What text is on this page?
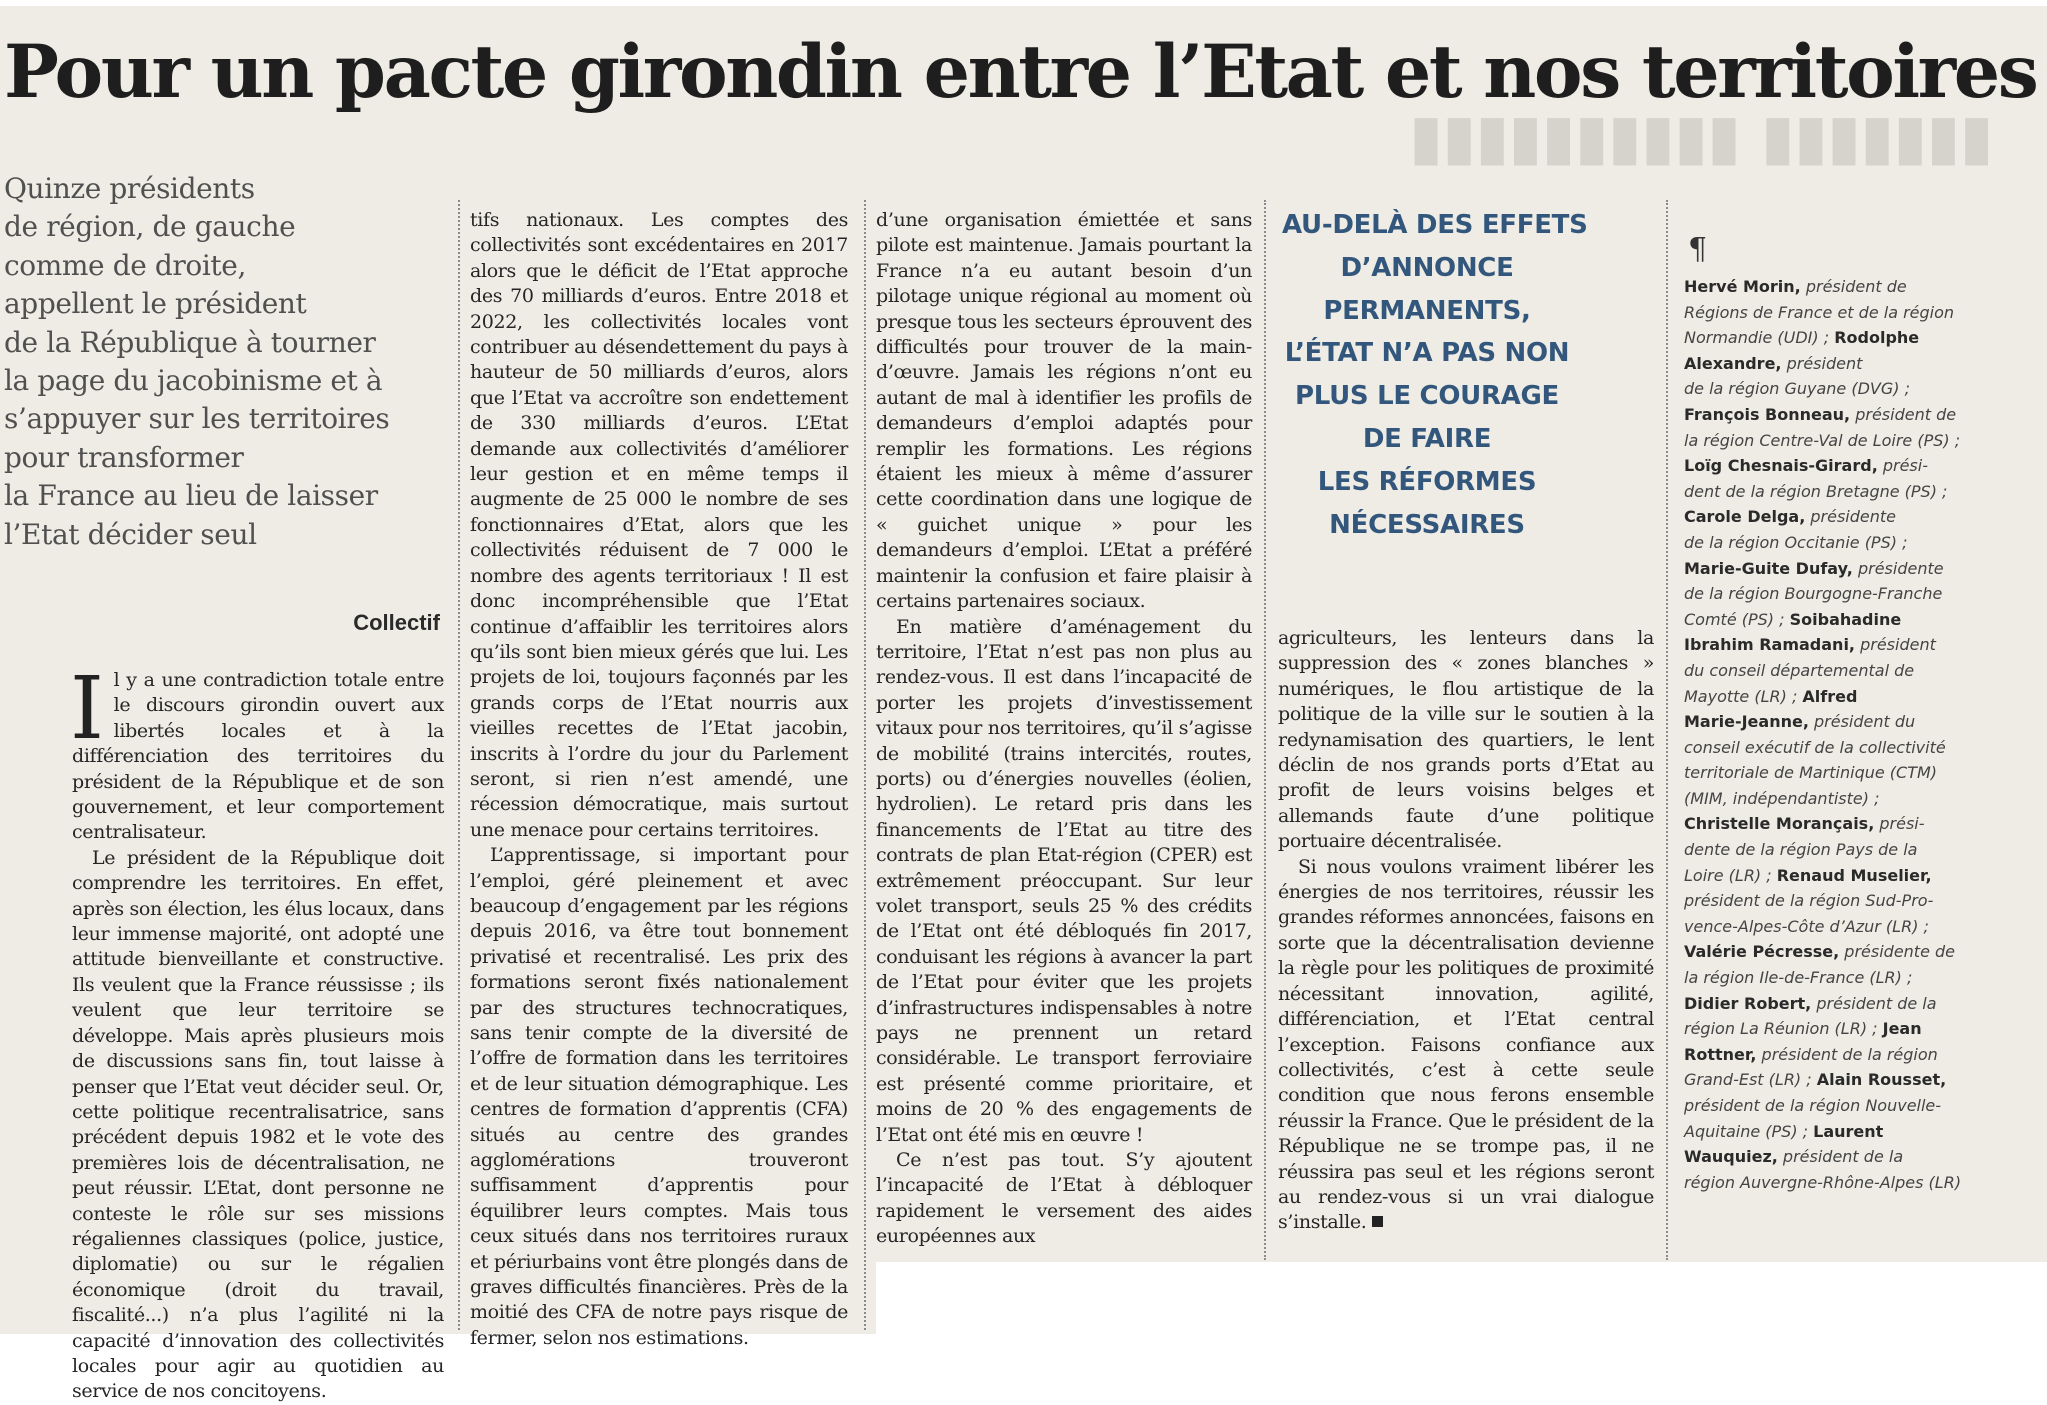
▮▮▮▮▮▮▮ ▮▮▮▮▮▮▮▮▮▮
Pour un pacte girondin entre l’Etat et nos territoires
Quinze présidents
de région, de gauche
comme de droite,
appellent le président
de la République à tourner
la page du jacobinisme et à
s’appuyer sur les territoires
pour transformer
la France au lieu de laisser
l’Etat décider seul
Collectif
I l y a une contradiction totale entre le discours girondin ouvert aux libertés locales et à la différenciation des territoires du président de la République et de son gouvernement, et leur comportement centralisateur.

Le président de la République doit comprendre les territoires. En effet, après son élection, les élus locaux, dans leur immense majorité, ont adopté une attitude bienveillante et constructive. Ils veulent que la France réussisse ; ils veulent que leur territoire se développe. Mais après plusieurs mois de discussions sans fin, tout laisse à penser que l’Etat veut décider seul. Or, cette politique recentralisatrice, sans précédent depuis 1982 et le vote des premières lois de décentralisation, ne peut réussir. L’Etat, dont personne ne conteste le rôle sur ses missions régaliennes classiques (police, justice, diplomatie) ou sur le régalien économique (droit du travail, fiscalité...) n’a plus l’agilité ni la capacité d’innovation des collectivités locales pour agir au quotidien au service de nos concitoyens.

tifs nationaux. Les comptes des collectivités sont excédentaires en 2017 alors que le déficit de l’Etat approche des 70 milliards d’euros. Entre 2018 et 2022, les collectivités locales vont contribuer au désendettement du pays à hauteur de 50 milliards d’euros, alors que l’Etat va accroître son endettement de 330 milliards d’euros. L’Etat demande aux collectivités d’améliorer leur gestion et en même temps il augmente de 25 000 le nombre de ses fonctionnaires d’Etat, alors que les collectivités réduisent de 7 000 le nombre des agents territoriaux ! Il est donc incompréhensible que l’Etat continue d’affaiblir les territoires alors qu’ils sont bien mieux gérés que lui. Les projets de loi, toujours façonnés par les grands corps de l’Etat nourris aux vieilles recettes de l’Etat jacobin, inscrits à l’ordre du jour du Parlement seront, si rien n’est amendé, une récession démocratique, mais surtout une menace pour certains territoires.

L’apprentissage, si important pour l’emploi, géré pleinement et avec beaucoup d’engagement par les régions depuis 2016, va être tout bonnement privatisé et recentralisé. Les prix des formations seront fixés nationalement par des structures technocratiques, sans tenir compte de la diversité de l’offre de formation dans les territoires et de leur situation démographique. Les centres de formation d’apprentis (CFA) situés au centre des grandes agglomérations trouveront suffisamment d’apprentis pour équilibrer leurs comptes. Mais tous ceux situés dans nos territoires ruraux et périurbains vont être plongés dans de graves difficultés financières. Près de la moitié des CFA de notre pays risque de fermer, selon nos estimations.

d’une organisation émiettée et sans pilote est maintenue. Jamais pourtant la France n’a eu autant besoin d’un pilotage unique régional au moment où presque tous les secteurs éprouvent des difficultés pour trouver de la main-d’œuvre. Jamais les régions n’ont eu autant de mal à identifier les profils de demandeurs d’emploi adaptés pour remplir les formations. Les régions étaient les mieux à même d’assurer cette coordination dans une logique de « guichet unique » pour les demandeurs d’emploi. L’Etat a préféré maintenir la confusion et faire plaisir à certains partenaires sociaux.

En matière d’aménagement du territoire, l’Etat n’est pas non plus au rendez-vous. Il est dans l’incapacité de porter les projets d’investissement vitaux pour nos territoires, qu’il s’agisse de mobilité (trains intercités, routes, ports) ou d’énergies nouvelles (éolien, hydrolien). Le retard pris dans les financements de l’Etat au titre des contrats de plan Etat-région (CPER) est extrêmement préoccupant. Sur leur volet transport, seuls 25 % des crédits de l’Etat ont été débloqués fin 2017, conduisant les régions à avancer la part de l’Etat pour éviter que les projets d’infrastructures indispensables à notre pays ne prennent un retard considérable. Le transport ferroviaire est présenté comme prioritaire, et moins de 20 % des engagements de l’Etat ont été mis en œuvre !

Ce n’est pas tout. S’y ajoutent l’incapacité de l’Etat à débloquer rapidement le versement des aides européennes aux

AU-DELÀ DES EFFETS
D’ANNONCE
PERMANENTS,
L’ÉTAT N’A PAS NON
PLUS LE COURAGE
DE FAIRE
LES RÉFORMES
NÉCESSAIRES

agriculteurs, les lenteurs dans la suppression des « zones blanches » numériques, le flou artistique de la politique de la ville sur le soutien à la redynamisation des quartiers, le lent déclin de nos grands ports d’Etat au profit de leurs voisins belges et allemands faute d’une politique portuaire décentralisée.

Si nous voulons vraiment libérer les énergies de nos territoires, réussir les grandes réformes annoncées, faisons en sorte que la décentralisation devienne la règle pour les politiques de proximité nécessitant innovation, agilité, différenciation, et l’Etat central l’exception. Faisons confiance aux collectivités, c’est à cette seule condition que nous ferons ensemble réussir la France. Que le président de la République ne se trompe pas, il ne réussira pas seul et les régions seront au rendez-vous si un vrai dialogue s’installe.

¶
Hervé Morin, président de
Régions de France et de la région
Normandie (UDI) ; Rodolphe
Alexandre, président
de la région Guyane (DVG) ;
François Bonneau, président de
la région Centre-Val de Loire (PS) ;
Loïg Chesnais-Girard, prési-
dent de la région Bretagne (PS) ;
Carole Delga, présidente
de la région Occitanie (PS) ;
Marie-Guite Dufay, présidente
de la région Bourgogne-Franche
Comté (PS) ; Soibahadine
Ibrahim Ramadani, président
du conseil départemental de
Mayotte (LR) ; Alfred
Marie-Jeanne, président du
conseil exécutif de la collectivité
territoriale de Martinique (CTM)
(MIM, indépendantiste) ;
Christelle Morançais, prési-
dente de la région Pays de la
Loire (LR) ; Renaud Muselier,
président de la région Sud-Pro-
vence-Alpes-Côte d’Azur (LR) ;
Valérie Pécresse, présidente de
la région Ile-de-France (LR) ;
Didier Robert, président de la
région La Réunion (LR) ; Jean
Rottner, président de la région
Grand-Est (LR) ; Alain Rousset,
président de la région Nouvelle-
Aquitaine (PS) ; Laurent
Wauquiez, président de la
région Auvergne-Rhône-Alpes (LR)
